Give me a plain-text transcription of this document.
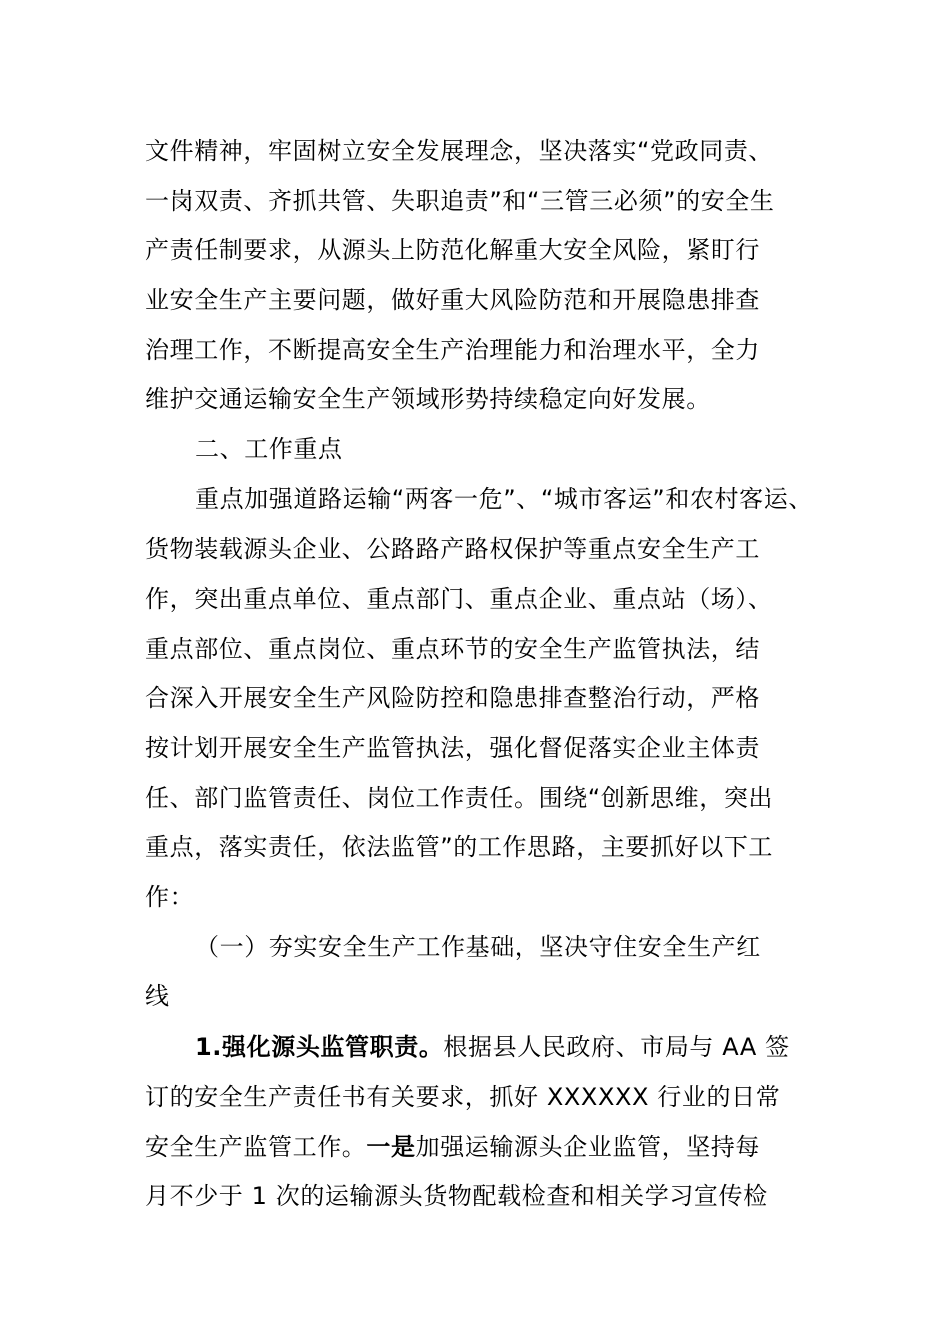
文件精神，牢固树立安全发展理念，坚决落实“党政同责、
一岗双责、齐抓共管、失职追责”和“三管三必须”的安全生
产责任制要求，从源头上防范化解重大安全风险，紧盯行
业安全生产主要问题，做好重大风险防范和开展隐患排查
治理工作，不断提高安全生产治理能力和治理水平，全力
维护交通运输安全生产领域形势持续稳定向好发展。
二、工作重点
重点加强道路运输“两客一危”、“城市客运”和农村客运、
货物装载源头企业、公路路产路权保护等重点安全生产工
作，突出重点单位、重点部门、重点企业、重点站（场）、
重点部位、重点岗位、重点环节的安全生产监管执法，结
合深入开展安全生产风险防控和隐患排查整治行动，严格
按计划开展安全生产监管执法，强化督促落实企业主体责
任、部门监管责任、岗位工作责任。围绕“创新思维，突出
重点，落实责任，依法监管”的工作思路，主要抓好以下工
作：
（一）夯实安全生产工作基础，坚决守住安全生产红
线
1.强化源头监管职责。根据县人民政府、市局与 AA 签
订的安全生产责任书有关要求，抓好 XXXXXX 行业的日常
安全生产监管工作。一是加强运输源头企业监管，坚持每
月不少于 1 次的运输源头货物配载检查和相关学习宣传检
